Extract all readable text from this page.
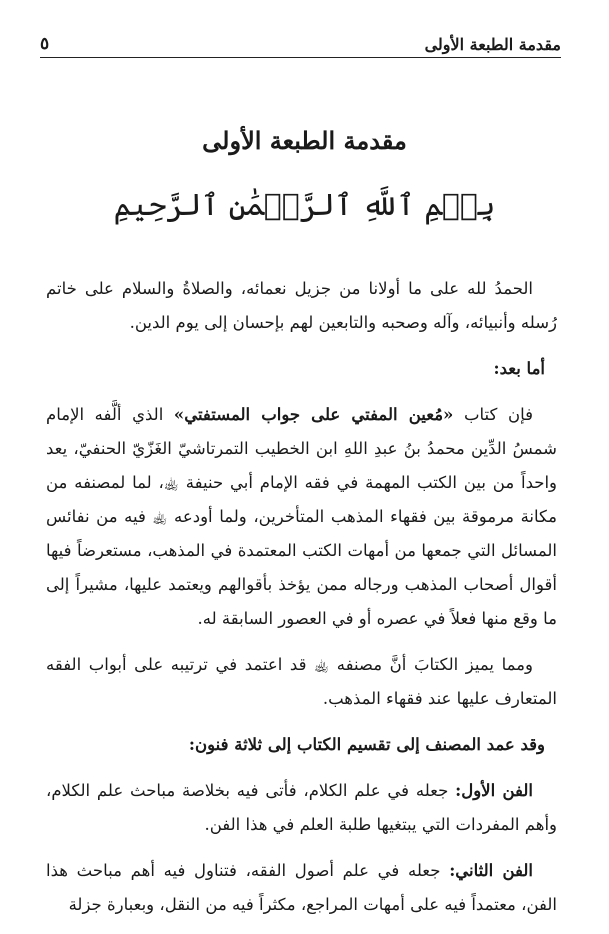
مقدمة الطبعة الأولى
٥
مقدمة الطبعة الأولى
بِسۡمِ ٱللَّهِ ٱلرَّحۡمَٰنِ ٱلرَّحِيمِ

الحمدُ لله على ما أولانا من جزيل نعمائه، والصلاةُ والسلام على خاتم رُسله وأنبيائه، وآله وصحبه والتابعين لهم بإحسان إلى يوم الدين.

أما بعد:

فإن كتاب «مُعين المفتي على جواب المستفتي» الذي ألَّفه الإمام شمسُ الدِّين محمدُ بنُ عبدِ اللهِ ابن الخطيب التمرتاشيّ الغَزّيّ الحنفيّ، يعد واحداً من بين الكتب المهمة في فقه الإمام أبي حنيفة ﵀، لما لمصنفه من مكانة مرموقة بين فقهاء المذهب المتأخرين، ولما أودعه ﵀ فيه من نفائس المسائل التي جمعها من أمهات الكتب المعتمدة في المذهب، مستعرضاً فيها أقوال أصحاب المذهب ورجاله ممن يؤخذ بأقوالهم ويعتمد عليها، مشيراً إلى ما وقع منها فعلاً في عصره أو في العصور السابقة له.

ومما يميز الكتابَ أنَّ مصنفه ﵀ قد اعتمد في ترتيبه على أبواب الفقه المتعارف عليها عند فقهاء المذهب.

وقد عمد المصنف إلى تقسيم الكتاب إلى ثلاثة فنون:

الفن الأول: جعله في علم الكلام، فأتى فيه بخلاصة مباحث علم الكلام، وأهم المفردات التي يبتغيها طلبة العلم في هذا الفن.

الفن الثاني: جعله في علم أصول الفقه، فتناول فيه أهم مباحث هذا الفن، معتمداً فيه على أمهات المراجع، مكثراً فيه من النقل، وبعبارة جزلة
